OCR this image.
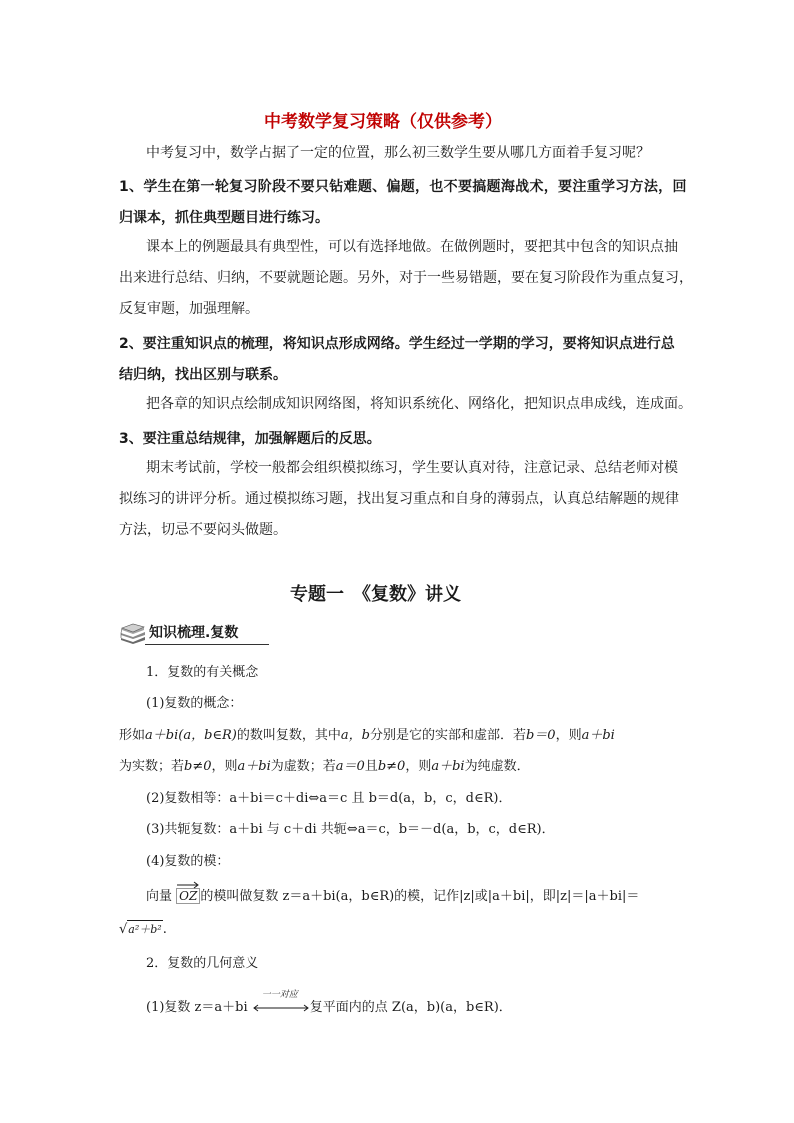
中考数学复习策略（仅供参考）
中考复习中，数学占据了一定的位置，那么初三数学生要从哪几方面着手复习呢？
1、学生在第一轮复习阶段不要只钻难题、偏题，也不要搞题海战术，要注重学习方法，回
归课本，抓住典型题目进行练习。
课本上的例题最具有典型性，可以有选择地做。在做例题时，要把其中包含的知识点抽
出来进行总结、归纳，不要就题论题。另外，对于一些易错题，要在复习阶段作为重点复习，
反复审题，加强理解。
2、要注重知识点的梳理，将知识点形成网络。学生经过一学期的学习，要将知识点进行总
结归纳，找出区别与联系。
把各章的知识点绘制成知识网络图，将知识系统化、网络化，把知识点串成线，连成面。
3、要注重总结规律，加强解题后的反思。
期末考试前，学校一般都会组织模拟练习，学生要认真对待，注意记录、总结老师对模
拟练习的讲评分析。通过模拟练习题，找出复习重点和自身的薄弱点，认真总结解题的规律
方法，切忌不要闷头做题。
专题一　《复数》讲义
知识梳理.复数
1．复数的有关概念
(1)复数的概念：
形如a＋bi(a，b∈R)的数叫复数，其中a，b分别是它的实部和虚部．若b＝0，则a＋bi
为实数；若b≠0，则a＋bi为虚数；若a＝0且b≠0，则a＋bi为纯虚数．
(2)复数相等：a＋bi＝c＋di⇔a＝c 且 b＝d(a，b，c，d∈R)．
(3)共轭复数：a＋bi 与 c＋di 共轭⇔a＝c，b＝－d(a，b，c，d∈R)．
(4)复数的模：
向量 OZ 的模叫做复数 z＝a＋bi(a，b∈R)的模，记作|z|或|a＋bi|，即|z|＝|a＋bi|＝
√a²＋b².
2．复数的几何意义
(1)复数 z＝a＋bi
一一对应
复平面内的点 Z(a，b)(a，b∈R)．
